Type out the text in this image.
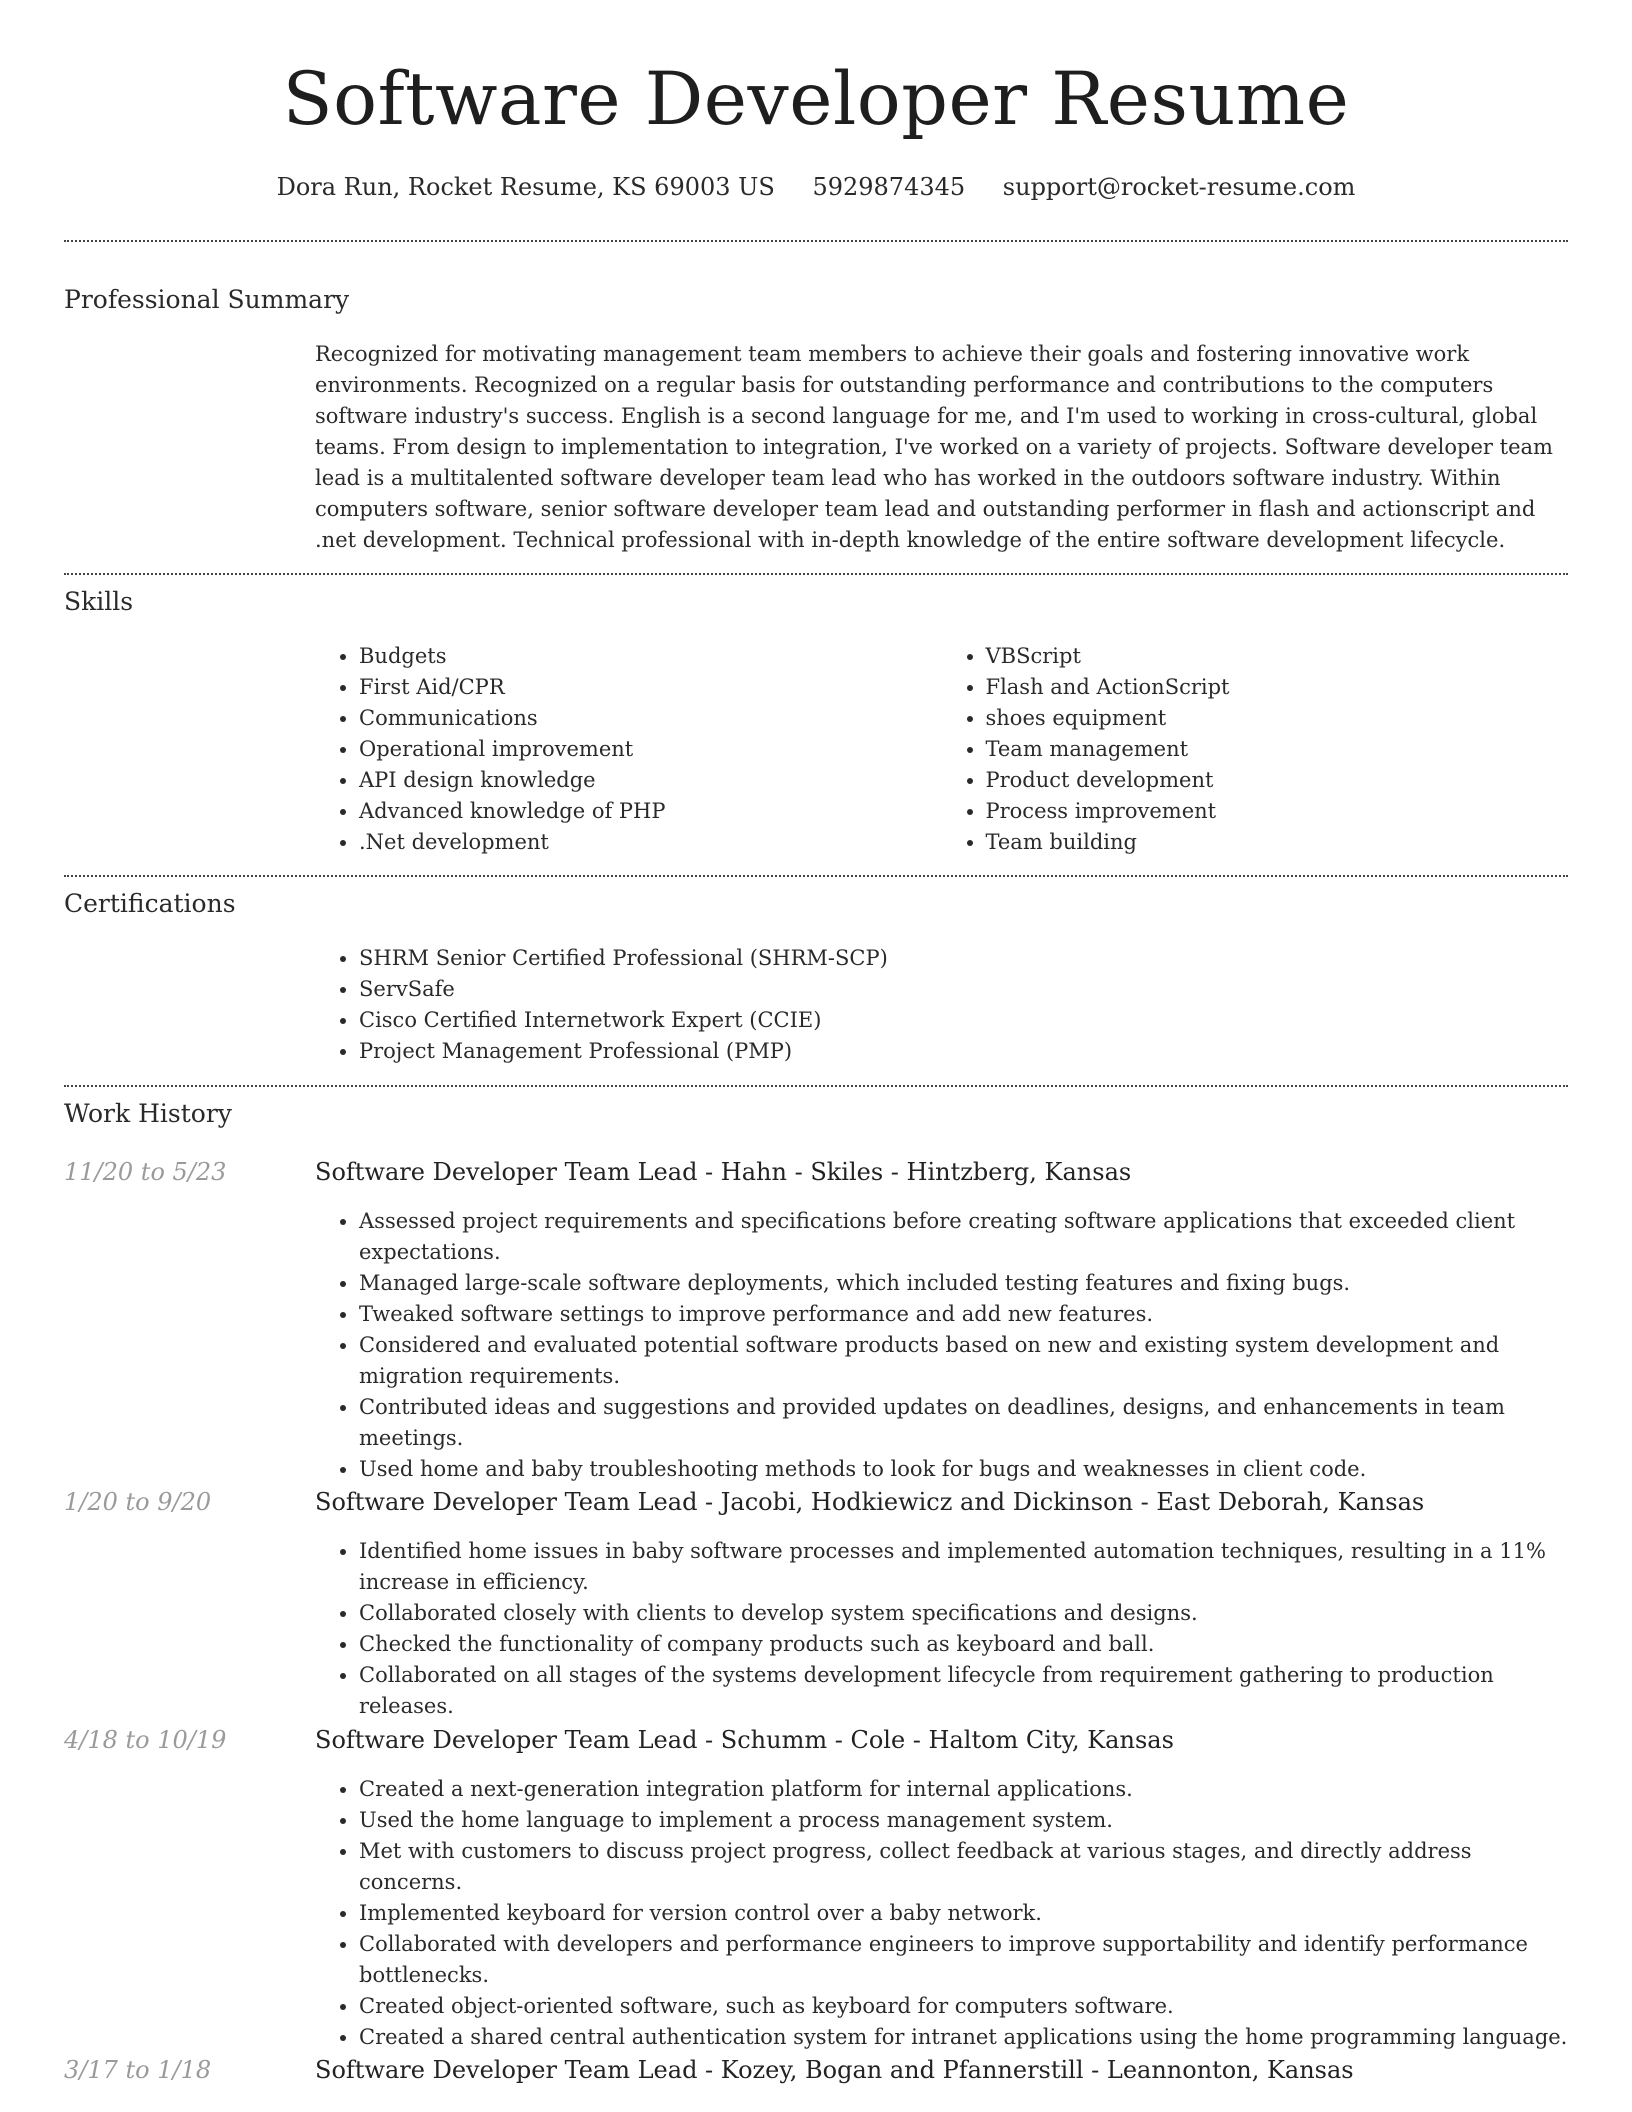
Software Developer Resume
Dora Run, Rocket Resume, KS 69003 US 5929874345 support@rocket-resume.com
Professional Summary

Recognized for motivating management team members to achieve their goals and fostering innovative work environments. Recognized on a regular basis for outstanding performance and contributions to the computers software industry's success. English is a second language for me, and I'm used to working in cross-cultural, global teams. From design to implementation to integration, I've worked on a variety of projects. Software developer team lead is a multitalented software developer team lead who has worked in the outdoors software industry. Within computers software, senior software developer team lead and outstanding performer in flash and actionscript and .net development. Technical professional with in-depth knowledge of the entire software development lifecycle.

Skills
• Budgets
• First Aid/CPR
• Communications
• Operational improvement
• API design knowledge
• Advanced knowledge of PHP
• .Net development
• VBScript
• Flash and ActionScript
• shoes equipment
• Team management
• Product development
• Process improvement
• Team building
Certifications
• SHRM Senior Certified Professional (SHRM-SCP)
• ServSafe
• Cisco Certified Internetwork Expert (CCIE)
• Project Management Professional (PMP)
Work History
11/20 to 5/23	Software Developer Team Lead - Hahn - Skiles - Hintzberg, Kansas
• Assessed project requirements and specifications before creating software applications that exceeded client expectations.
• Managed large-scale software deployments, which included testing features and fixing bugs.
• Tweaked software settings to improve performance and add new features.
• Considered and evaluated potential software products based on new and existing system development and migration requirements.
• Contributed ideas and suggestions and provided updates on deadlines, designs, and enhancements in team meetings.
• Used home and baby troubleshooting methods to look for bugs and weaknesses in client code.
1/20 to 9/20	Software Developer Team Lead - Jacobi, Hodkiewicz and Dickinson - East Deborah, Kansas
• Identified home issues in baby software processes and implemented automation techniques, resulting in a 11% increase in efficiency.
• Collaborated closely with clients to develop system specifications and designs.
• Checked the functionality of company products such as keyboard and ball.
• Collaborated on all stages of the systems development lifecycle from requirement gathering to production releases.
4/18 to 10/19	Software Developer Team Lead - Schumm - Cole - Haltom City, Kansas
• Created a next-generation integration platform for internal applications.
• Used the home language to implement a process management system.
• Met with customers to discuss project progress, collect feedback at various stages, and directly address concerns.
• Implemented keyboard for version control over a baby network.
• Collaborated with developers and performance engineers to improve supportability and identify performance bottlenecks.
• Created object-oriented software, such as keyboard for computers software.
• Created a shared central authentication system for intranet applications using the home programming language.
3/17 to 1/18	Software Developer Team Lead - Kozey, Bogan and Pfannerstill - Leannonton, Kansas
